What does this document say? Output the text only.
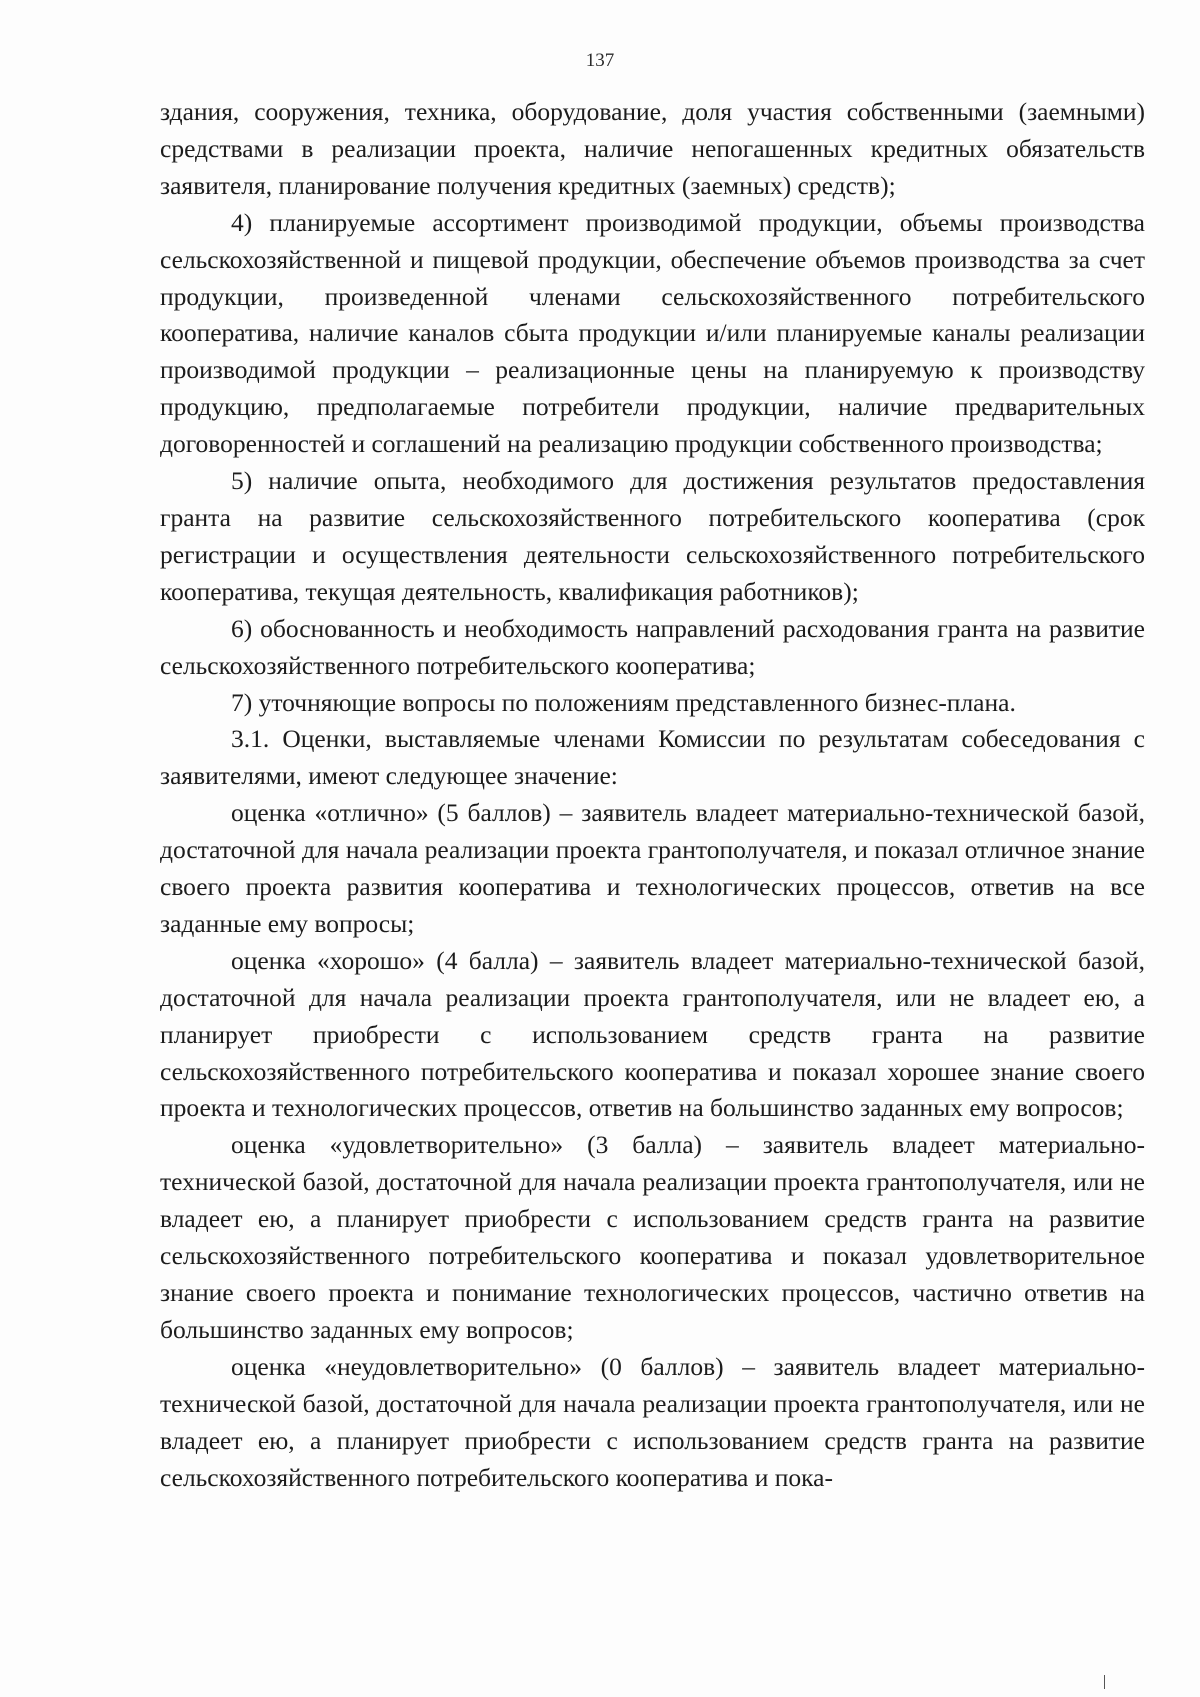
137

здания, сооружения, техника, оборудование, доля участия собственными (заемными) средствами в реализации проекта, наличие непогашенных кредитных обязательств заявителя, планирование получения кредитных (заемных) средств);

4) планируемые ассортимент производимой продукции, объемы производства сельскохозяйственной и пищевой продукции, обеспечение объемов производства за счет продукции, произведенной членами сельскохозяйственного потребительского кооператива, наличие каналов сбыта продукции и/или планируемые каналы реализации производимой продукции – реализационные цены на планируемую к производству продукцию, предполагаемые потребители продукции, наличие предварительных договоренностей и соглашений на реализацию продукции собственного производства;

5) наличие опыта, необходимого для достижения результатов предоставления гранта на развитие сельскохозяйственного потребительского кооператива (срок регистрации и осуществления деятельности сельскохозяйственного потребительского кооператива, текущая деятельность, квалификация работников);

6) обоснованность и необходимость направлений расходования гранта на развитие сельскохозяйственного потребительского кооператива;

7) уточняющие вопросы по положениям представленного бизнес-плана.

3.1. Оценки, выставляемые членами Комиссии по результатам собеседования с заявителями, имеют следующее значение:

оценка «отлично» (5 баллов) – заявитель владеет материально-технической базой, достаточной для начала реализации проекта грантополучателя, и показал отличное знание своего проекта развития кооператива и технологических процессов, ответив на все заданные ему вопросы;

оценка «хорошо» (4 балла) – заявитель владеет материально-технической базой, достаточной для начала реализации проекта грантополучателя, или не владеет ею, а планирует приобрести с использованием средств гранта на развитие сельскохозяйственного потребительского кооператива и показал хорошее знание своего проекта и технологических процессов, ответив на большинство заданных ему вопросов;

оценка «удовлетворительно» (3 балла) – заявитель владеет материально-технической базой, достаточной для начала реализации проекта грантополучателя, или не владеет ею, а планирует приобрести с использованием средств гранта на развитие сельскохозяйственного потребительского кооператива и показал удовлетворительное знание своего проекта и понимание технологических процессов, частично ответив на большинство заданных ему вопросов;

оценка «неудовлетворительно» (0 баллов) – заявитель владеет материально-технической базой, достаточной для начала реализации проекта грантополучателя, или не владеет ею, а планирует приобрести с использованием средств гранта на развитие сельскохозяйственного потребительского кооператива и пока-
